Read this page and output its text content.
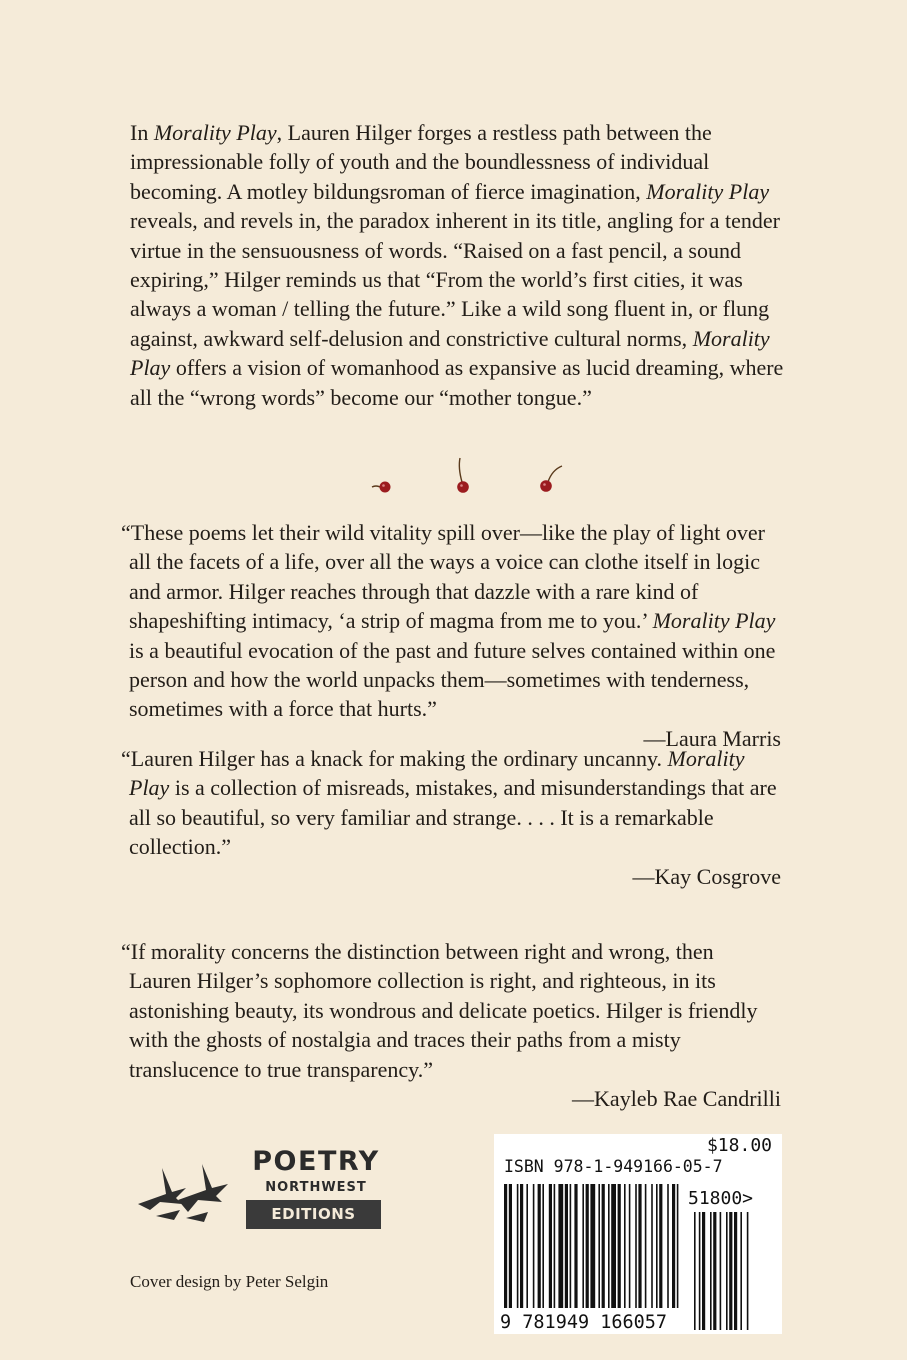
In Morality Play, Lauren Hilger forges a restless path between the impressionable folly of youth and the boundlessness of individual becoming. A motley bildungsroman of fierce imagination, Morality Play reveals, and revels in, the paradox inherent in its title, angling for a tender virtue in the sensuousness of words. “Raised on a fast pencil, a sound expiring,” Hilger reminds us that “From the world’s first cities, it was always a woman / telling the future.” Like a wild song fluent in, or flung against, awkward self-delusion and constrictive cultural norms, Morality Play offers a vision of womanhood as expansive as lucid dreaming, where all the “wrong words” become our “mother tongue.”

“These poems let their wild vitality spill over—like the play of light over all the facets of a life, over all the ways a voice can clothe itself in logic and armor. Hilger reaches through that dazzle with a rare kind of shapeshifting intimacy, ‘a strip of magma from me to you.’ Morality Play is a beautiful evocation of the past and future selves contained within one person and how the world unpacks them—sometimes with tenderness, sometimes with a force that hurts.”

—Laura Marris

“Lauren Hilger has a knack for making the ordinary uncanny. Morality Play is a collection of misreads, mistakes, and misunderstandings that are all so beautiful, so very familiar and strange. . . . It is a remarkable collection.”

—Kay Cosgrove

“If morality concerns the distinction between right and wrong, then Lauren Hilger’s sophomore collection is right, and righteous, in its astonishing beauty, its wondrous and delicate poetics. Hilger is friendly with the ghosts of nostalgia and traces their paths from a misty translucence to true transparency.”

—Kayleb Rae Candrilli

POETRY
NORTHWEST
EDITIONS
Cover design by Peter Selgin
$18.00
ISBN 978-1-949166-05-7
51800>
9 781949 166057
